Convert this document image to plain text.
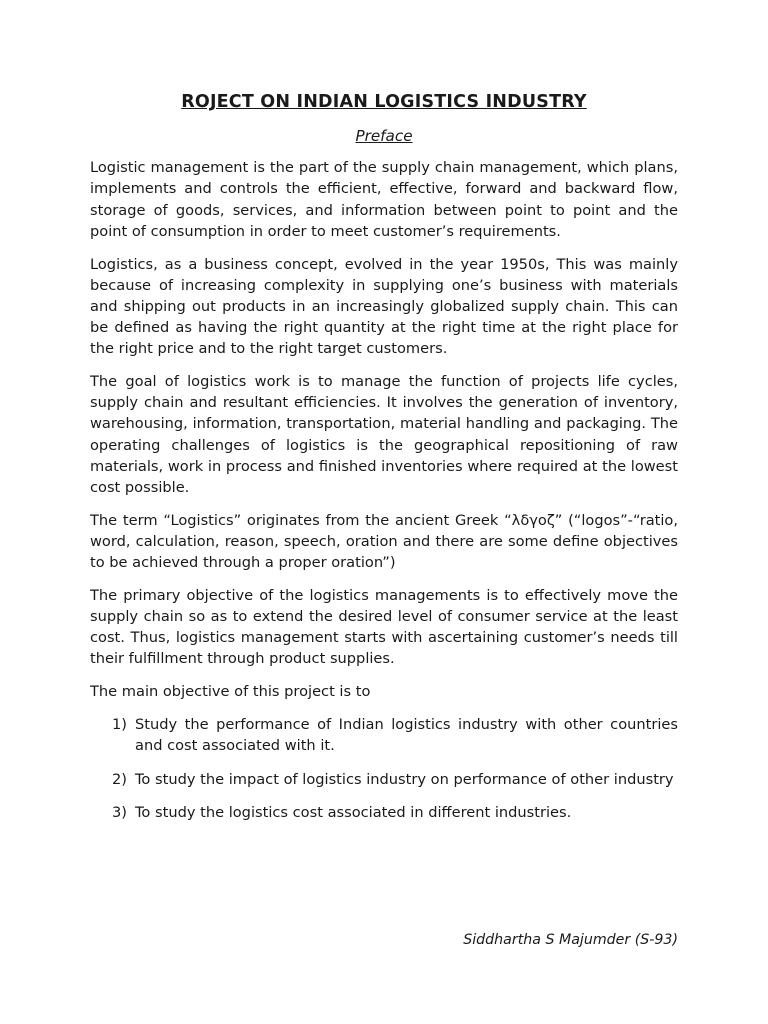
ROJECT ON INDIAN LOGISTICS INDUSTRY
Preface

Logistic management is the part of the supply chain management, which plans, implements and controls the efficient, effective, forward and backward flow, storage of goods, services, and information between point to point and the point of consumption in order to meet customer’s requirements.

Logistics, as a business concept, evolved in the year 1950s, This was mainly because of increasing complexity in supplying one’s business with materials and shipping out products in an increasingly globalized supply chain. This can be defined as having the right quantity at the right time at the right place for the right price and to the right target customers.

The goal of logistics work is to manage the function of projects life cycles, supply chain and resultant efficiencies. It involves the generation of inventory, warehousing, information, transportation, material handling and packaging. The operating challenges of logistics is the geographical repositioning of raw materials, work in process and finished inventories where required at the lowest cost possible.

The term “Logistics” originates from the ancient Greek “λδγοζ” (“logos”-“ratio, word, calculation, reason, speech, oration and there are some define objectives to be achieved through a proper oration”)

The primary objective of the logistics managements is to effectively move the supply chain so as to extend the desired level of consumer service at the least cost. Thus, logistics management starts with ascertaining customer’s needs till their fulfillment through product supplies.

The main objective of this project is to

1) Study the performance of Indian logistics industry with other countries and cost associated with it.
2) To study the impact of logistics industry on performance of other industry
3) To study the logistics cost associated in different industries.
Siddhartha S Majumder (S-93)
